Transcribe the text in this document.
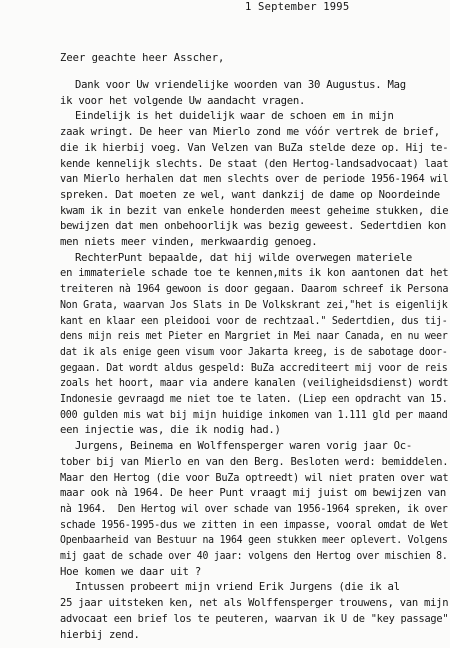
1 September 1995
Zeer geachte heer Asscher,
Dank voor Uw vriendelijke woorden van 30 Augustus. Mag
ik voor het volgende Uw aandacht vragen.
Eindelijk is het duidelijk waar de schoen em in mijn
zaak wringt. De heer van Mierlo zond me vóór vertrek de brief,
die ik hierbij voeg. Van Velzen van BuZa stelde deze op. Hij te-
kende kennelijk slechts. De staat (den Hertog-landsadvocaat) laat
van Mierlo herhalen dat men slechts over de periode 1956-1964 wil
spreken. Dat moeten ze wel, want dankzij de dame op Noordeinde
kwam ik in bezit van enkele honderden meest geheime stukken, die
bewijzen dat men onbehoorlijk was bezig geweest. Sedertdien kon
men niets meer vinden, merkwaardig genoeg.
RechterPunt bepaalde, dat hij wilde overwegen materiele
en immateriele schade toe te kennen,mits ik kon aantonen dat het
treiteren nà 1964 gewoon is door gegaan. Daarom schreef ik Persona
Non Grata, waarvan Jos Slats in De Volkskrant zei,"het is eigenlijk
kant en klaar een pleidooi voor de rechtzaal." Sedertdien, dus tij-
dens mijn reis met Pieter en Margriet in Mei naar Canada, en nu weer
dat ik als enige geen visum voor Jakarta kreeg, is de sabotage door-
gegaan. Dat wordt aldus gespeld: BuZa accrediteert mij voor de reis
zoals het hoort, maar via andere kanalen (veiligheidsdienst) wordt
Indonesie gevraagd me niet toe te laten. (Liep een opdracht van 15.
000 gulden mis wat bij mijn huidige inkomen van 1.111 gld per maand
een injectie was, die ik nodig had.)
Jurgens, Beinema en Wolffensperger waren vorig jaar Oc-
tober bij van Mierlo en van den Berg. Besloten werd: bemiddelen.
Maar den Hertog (die voor BuZa optreedt) wil niet praten over wat
maar ook nà 1964. De heer Punt vraagt mij juist om bewijzen van
nà 1964.  Den Hertog wil over schade van 1956-1964 spreken, ik over
schade 1956-1995-dus we zitten in een impasse, vooral omdat de Wet
Openbaarheid van Bestuur na 1964 geen stukken meer oplevert. Volgens
mij gaat de schade over 40 jaar: volgens den Hertog over mischien 8.
Hoe komen we daar uit ?
Intussen probeert mijn vriend Erik Jurgens (die ik al
25 jaar uitsteken ken, net als Wolffensperger trouwens, van mijn
advocaat een brief los te peuteren, waarvan ik U de "key passage"
hierbij zend.
